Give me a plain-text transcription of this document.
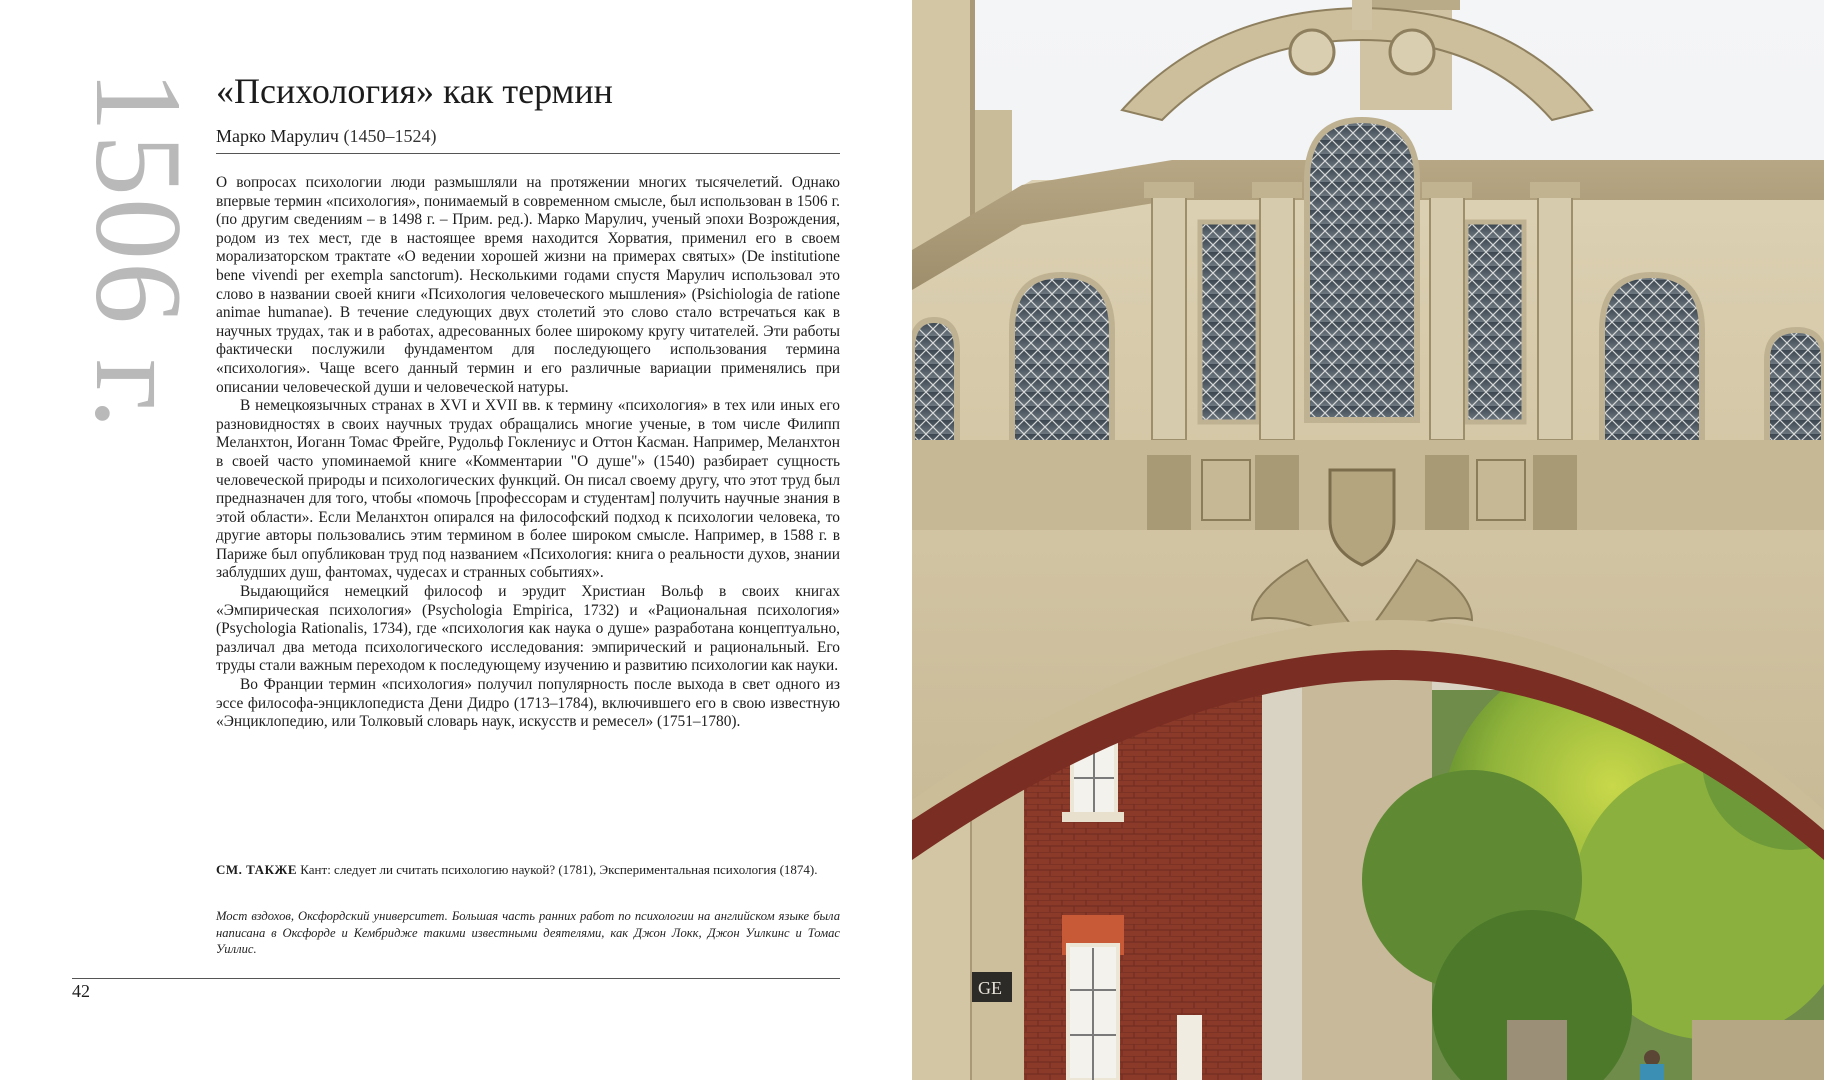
1506 г. «Психология» как термин
Марко Марулич (1450–1524)

О вопросах психологии люди размышляли на протяжении многих тысячелетий. Однако впервые термин «психология», понимаемый в современном смысле, был использован в 1506 г. (по другим сведениям – в 1498 г. – Прим. ред.). Марко Марулич, ученый эпохи Возрождения, родом из тех мест, где в настоящее время находится Хорватия, применил его в своем морализаторском трактате «О ведении хорошей жизни на примерах святых» (De institutione bene vivendi per exempla sanctorum). Несколькими годами спустя Марулич использовал это слово в названии своей книги «Психология человеческого мышления» (Psichiologia de ratione animae humanae). В течение следующих двух столетий это слово стало встречаться как в научных трудах, так и в работах, адресованных более широкому кругу читателей. Эти работы фактически послужили фундаментом для последующего использования термина «психология». Чаще всего данный термин и его различные вариации применялись при описании человеческой души и человеческой натуры.

В немецкоязычных странах в XVI и XVII вв. к термину «психология» в тех или иных его разновидностях в своих научных трудах обращались многие ученые, в том числе Филипп Меланхтон, Иоганн Томас Фрейге, Рудольф Гоклениус и Оттон Касман. Например, Меланхтон в своей часто упоминаемой книге «Комментарии "О душе"» (1540) разбирает сущность человеческой природы и психологических функций. Он писал своему другу, что этот труд был предназначен для того, чтобы «помочь [профессорам и студентам] получить научные знания в этой области». Если Меланхтон опирался на философский подход к психологии человека, то другие авторы пользовались этим термином в более широком смысле. Например, в 1588 г. в Париже был опубликован труд под названием «Психология: книга о реальности духов, знании заблудших душ, фантомах, чудесах и странных событиях».

Выдающийся немецкий философ и эрудит Христиан Вольф в своих книгах «Эмпирическая психология» (Psychologia Empirica, 1732) и «Рациональная психология» (Psychologia Rationalis, 1734), где «психология как наука о душе» разработана концептуально, различал два метода психологического исследования: эмпирический и рациональный. Его труды стали важным переходом к последующему изучению и развитию психологии как науки.

Во Франции термин «психология» получил популярность после выхода в свет одного из эссе философа-энциклопедиста Дени Дидро (1713–1784), включившего его в свою известную «Энциклопедию, или Толковый словарь наук, искусств и ремесел» (1751–1780).

СМ. ТАКЖЕ Кант: следует ли считать психологию наукой? (1781), Экспериментальная психология (1874).
Мост вздохов, Оксфордский университет. Большая часть ранних работ по психологии на английском языке была написана в Оксфорде и Кембридже такими известными деятелями, как Джон Локк, Джон Уилкинс и Томас Уиллис.
42	GE
